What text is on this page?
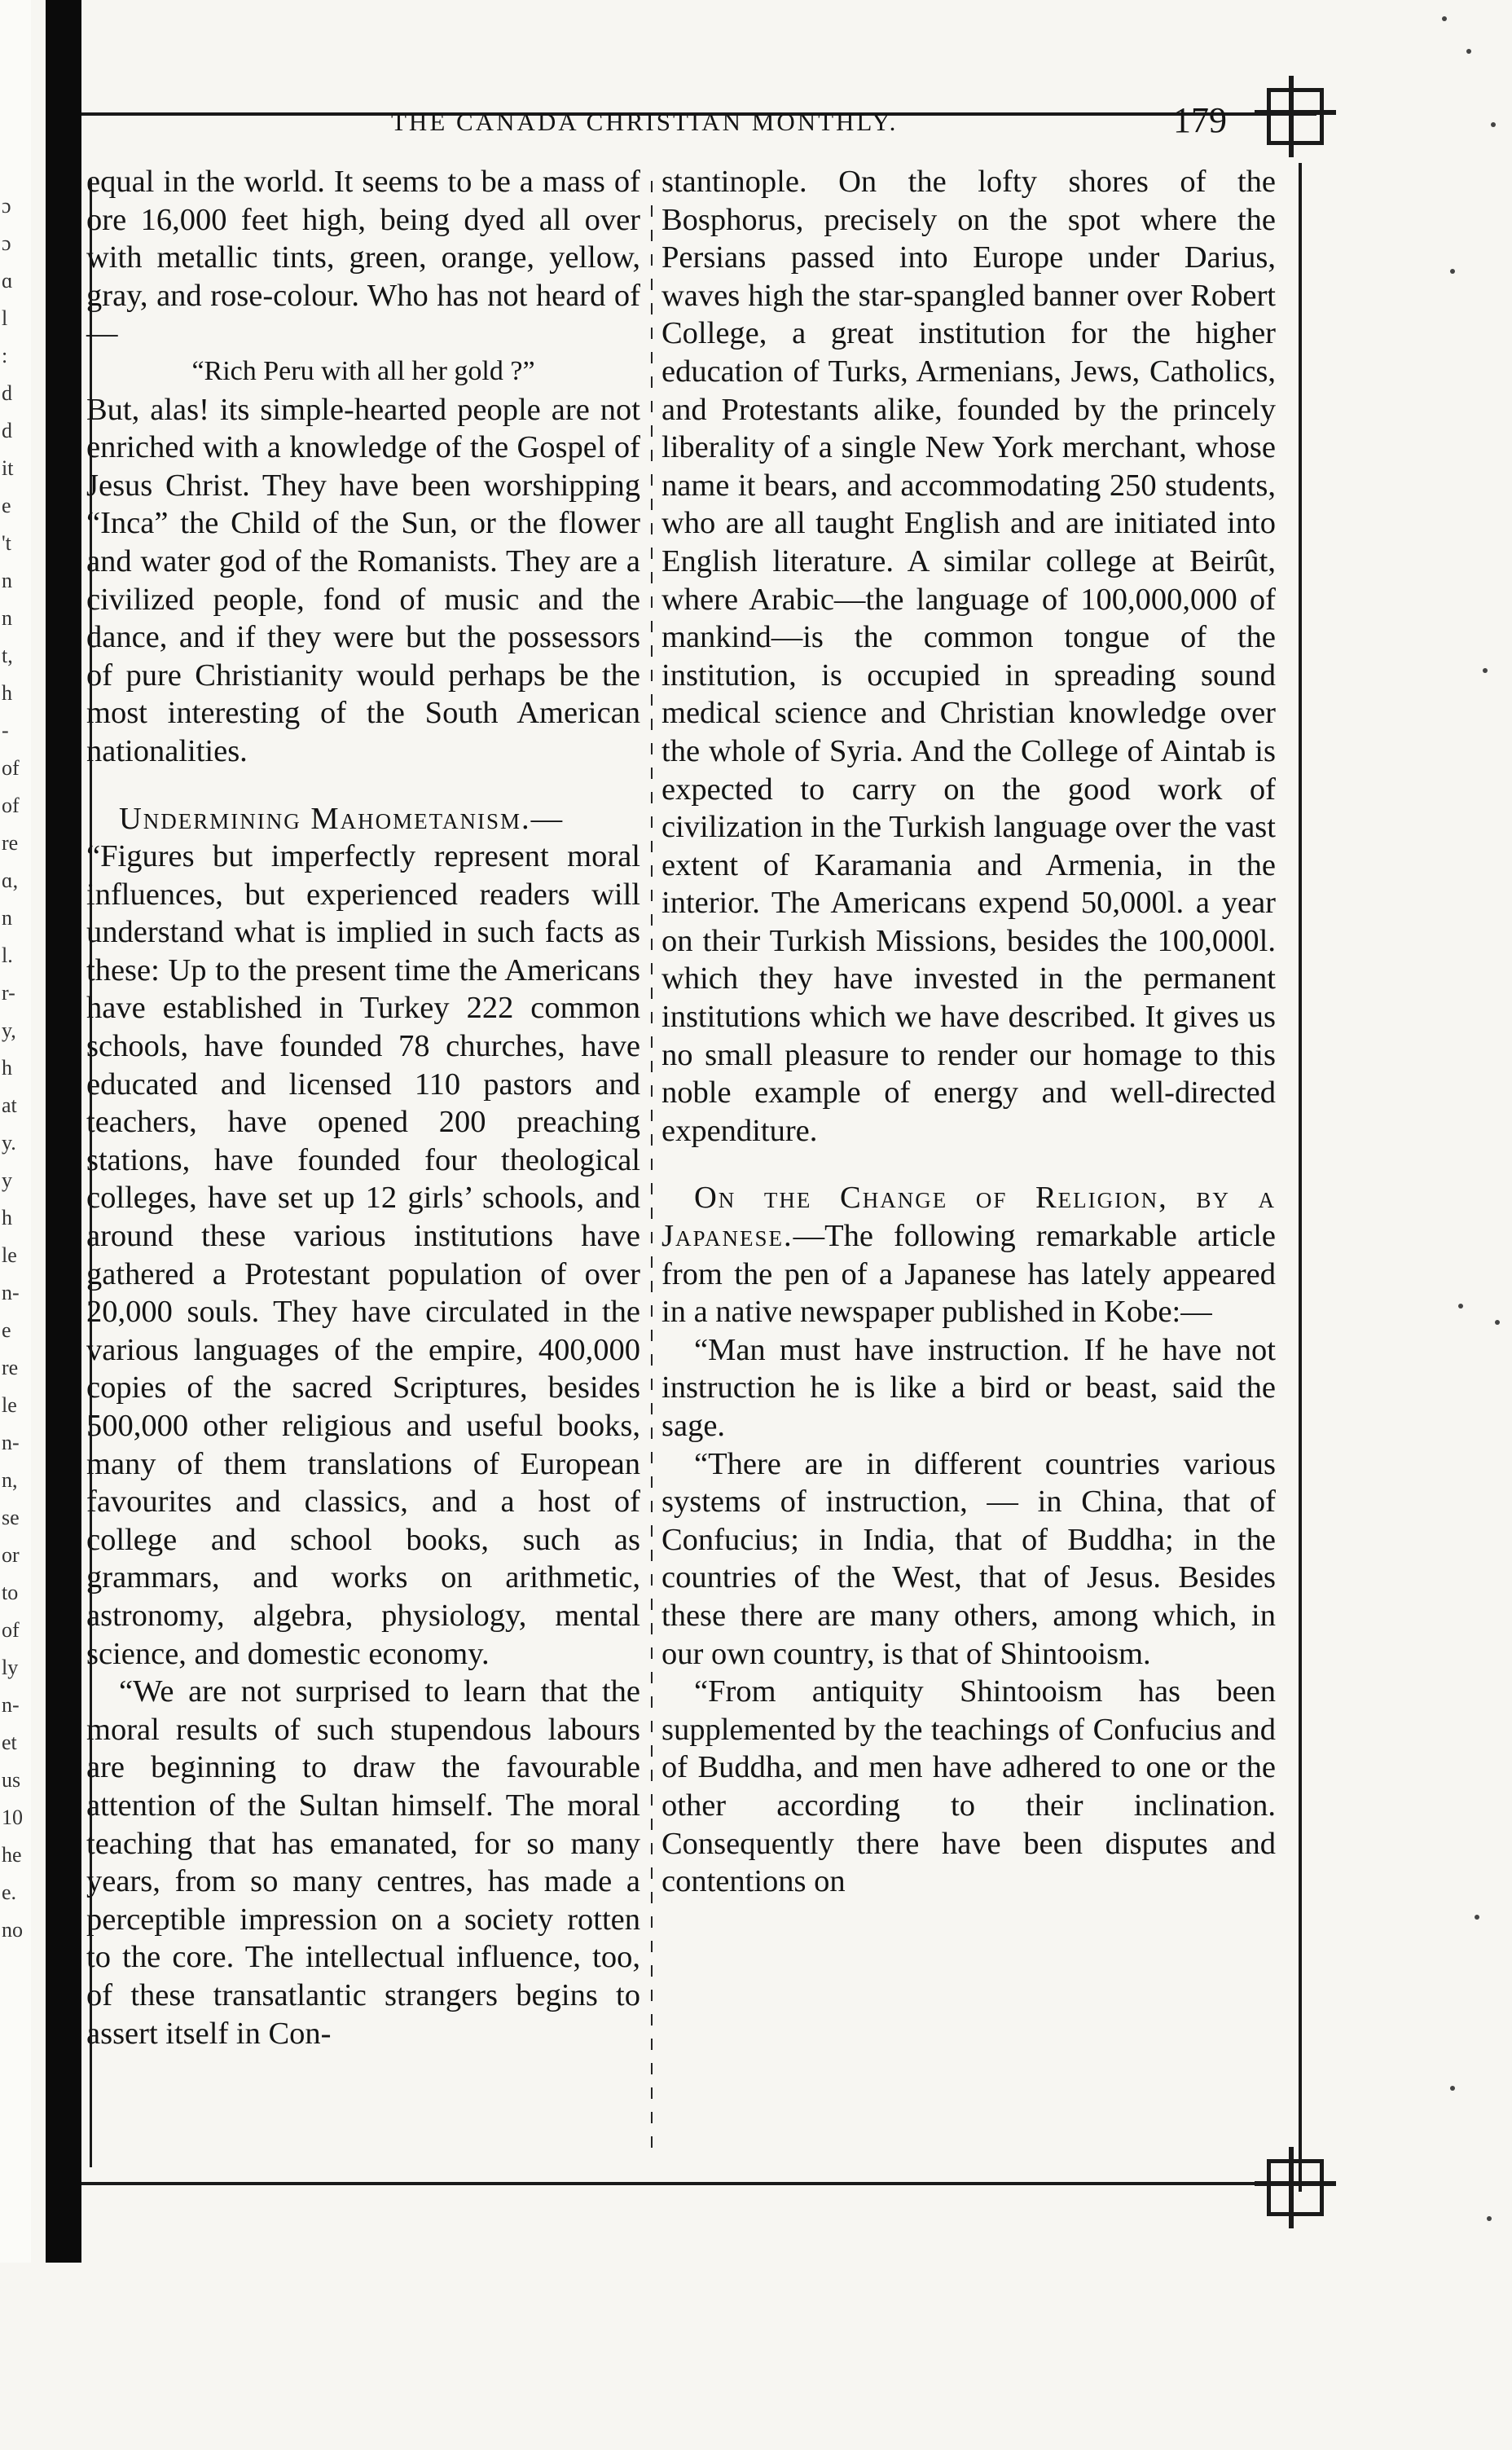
ɔ
ɔ
ɑ
l
:
d
d
it
e
't
n
n
t,
h
-
of
of
re
ɑ,
n
l.
r-
y,
h
at
y.
y
h
le
n-
e
re
le
n-
n,
se
or
to
of
ly
n-
et
us
10
he
e.
no
THE CANADA CHRISTIAN MONTHLY.	179

equal in the world. It seems to be a mass of ore 16,000 feet high, being dyed all over with metallic tints, green, orange, yellow, gray, and rose-colour. Who has not heard of—

“Rich Peru with all her gold ?”

But, alas! its simple-hearted people are not enriched with a knowledge of the Gospel of Jesus Christ. They have been worshipping “Inca” the Child of the Sun, or the flower and water god of the Romanists. They are a civilized people, fond of music and the dance, and if they were but the possessors of pure Christianity would perhaps be the most interesting of the South American nationalities.

Undermining Mahometanism.—

“Figures but imperfectly represent moral influences, but experienced readers will understand what is implied in such facts as these: Up to the present time the Americans have established in Turkey 222 common schools, have founded 78 churches, have educated and licensed 110 pastors and teachers, have opened 200 preaching stations, have founded four theological colleges, have set up 12 girls’ schools, and around these various institutions have gathered a Protestant population of over 20,000 souls. They have circulated in the various languages of the empire, 400,000 copies of the sacred Scriptures, besides 500,000 other religious and useful books, many of them translations of European favourites and classics, and a host of college and school books, such as grammars, and works on arithmetic, astronomy, algebra, physiology, mental science, and domestic economy.

“We are not surprised to learn that the moral results of such stupendous labours are beginning to draw the favourable attention of the Sultan himself. The moral teaching that has emanated, for so many years, from so many centres, has made a perceptible impression on a society rotten to the core. The intellectual influence, too, of these transatlantic strangers begins to assert itself in Con-

stantinople. On the lofty shores of the Bosphorus, precisely on the spot where the Persians passed into Europe under Darius, waves high the star-spangled banner over Robert College, a great institution for the higher education of Turks, Armenians, Jews, Catholics, and Protestants alike, founded by the princely liberality of a single New York merchant, whose name it bears, and accommodating 250 students, who are all taught English and are initiated into English literature. A similar college at Beirût, where Arabic—the language of 100,000,000 of mankind—is the common tongue of the institution, is occupied in spreading sound medical science and Christian knowledge over the whole of Syria. And the College of Aintab is expected to carry on the good work of civilization in the Turkish language over the vast extent of Karamania and Armenia, in the interior. The Americans expend 50,000l. a year on their Turkish Missions, besides the 100,000l. which they have invested in the permanent institutions which we have described. It gives us no small pleasure to render our homage to this noble example of energy and well-directed expenditure.

On the Change of Religion, by a Japanese.—The following remarkable article from the pen of a Japanese has lately appeared in a native newspaper published in Kobe:—

“Man must have instruction. If he have not instruction he is like a bird or beast, said the sage.

“There are in different countries various systems of instruction, — in China, that of Confucius; in India, that of Buddha; in the countries of the West, that of Jesus. Besides these there are many others, among which, in our own country, is that of Shintooism.

“From antiquity Shintooism has been supplemented by the teachings of Confucius and of Buddha, and men have adhered to one or the other according to their inclination. Consequently there have been disputes and contentions on
